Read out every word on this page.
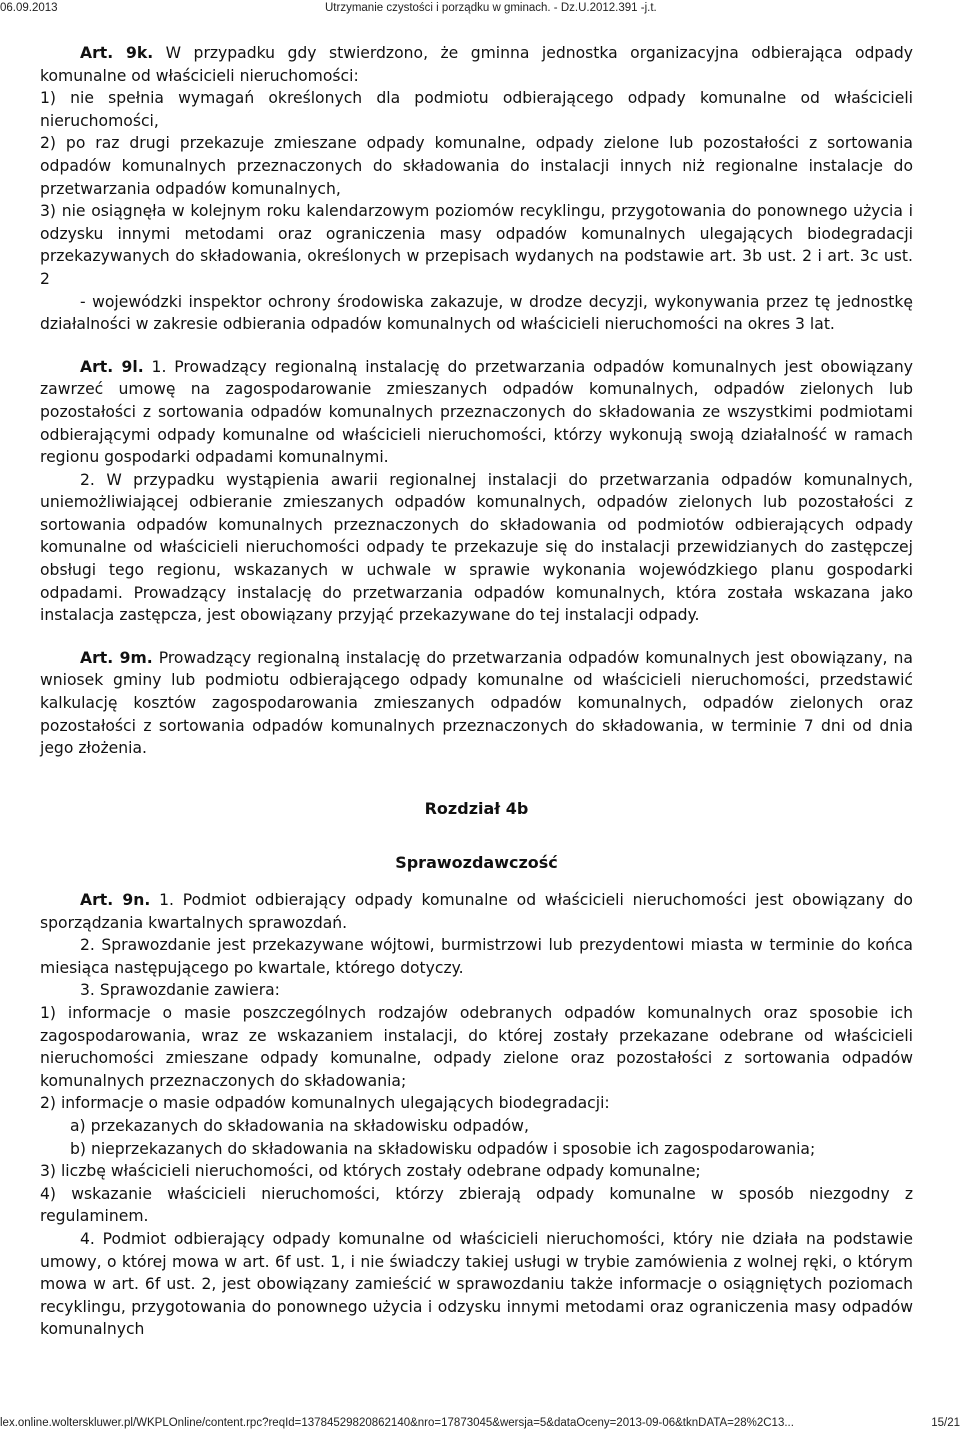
06.09.2013	Utrzymanie czystości i porządku w gminach. - Dz.U.2012.391 -j.t.

Art. 9k. W przypadku gdy stwierdzono, że gminna jednostka organizacyjna odbierająca odpady komunalne od właścicieli nieruchomości:

1) nie spełnia wymagań określonych dla podmiotu odbierającego odpady komunalne od właścicieli nieruchomości,

2) po raz drugi przekazuje zmieszane odpady komunalne, odpady zielone lub pozostałości z sortowania odpadów komunalnych przeznaczonych do składowania do instalacji innych niż regionalne instalacje do przetwarzania odpadów komunalnych,

3) nie osiągnęła w kolejnym roku kalendarzowym poziomów recyklingu, przygotowania do ponownego użycia i odzysku innymi metodami oraz ograniczenia masy odpadów komunalnych ulegających biodegradacji przekazywanych do składowania, określonych w przepisach wydanych na podstawie art. 3b ust. 2 i art. 3c ust. 2

- wojewódzki inspektor ochrony środowiska zakazuje, w drodze decyzji, wykonywania przez tę jednostkę działalności w zakresie odbierania odpadów komunalnych od właścicieli nieruchomości na okres 3 lat.

Art. 9l. 1. Prowadzący regionalną instalację do przetwarzania odpadów komunalnych jest obowiązany zawrzeć umowę na zagospodarowanie zmieszanych odpadów komunalnych, odpadów zielonych lub pozostałości z sortowania odpadów komunalnych przeznaczonych do składowania ze wszystkimi podmiotami odbierającymi odpady komunalne od właścicieli nieruchomości, którzy wykonują swoją działalność w ramach regionu gospodarki odpadami komunalnymi.

2. W przypadku wystąpienia awarii regionalnej instalacji do przetwarzania odpadów komunalnych, uniemożliwiającej odbieranie zmieszanych odpadów komunalnych, odpadów zielonych lub pozostałości z sortowania odpadów komunalnych przeznaczonych do składowania od podmiotów odbierających odpady komunalne od właścicieli nieruchomości odpady te przekazuje się do instalacji przewidzianych do zastępczej obsługi tego regionu, wskazanych w uchwale w sprawie wykonania wojewódzkiego planu gospodarki odpadami. Prowadzący instalację do przetwarzania odpadów komunalnych, która została wskazana jako instalacja zastępcza, jest obowiązany przyjąć przekazywane do tej instalacji odpady.

Art. 9m. Prowadzący regionalną instalację do przetwarzania odpadów komunalnych jest obowiązany, na wniosek gminy lub podmiotu odbierającego odpady komunalne od właścicieli nieruchomości, przedstawić kalkulację kosztów zagospodarowania zmieszanych odpadów komunalnych, odpadów zielonych oraz pozostałości z sortowania odpadów komunalnych przeznaczonych do składowania, w terminie 7 dni od dnia jego złożenia.

Rozdział 4b

Sprawozdawczość

Art. 9n. 1. Podmiot odbierający odpady komunalne od właścicieli nieruchomości jest obowiązany do sporządzania kwartalnych sprawozdań.

2. Sprawozdanie jest przekazywane wójtowi, burmistrzowi lub prezydentowi miasta w terminie do końca miesiąca następującego po kwartale, którego dotyczy.

3. Sprawozdanie zawiera:

1) informacje o masie poszczególnych rodzajów odebranych odpadów komunalnych oraz sposobie ich zagospodarowania, wraz ze wskazaniem instalacji, do której zostały przekazane odebrane od właścicieli nieruchomości zmieszane odpady komunalne, odpady zielone oraz pozostałości z sortowania odpadów komunalnych przeznaczonych do składowania;

2) informacje o masie odpadów komunalnych ulegających biodegradacji:

a) przekazanych do składowania na składowisku odpadów,

b) nieprzekazanych do składowania na składowisku odpadów i sposobie ich zagospodarowania;

3) liczbę właścicieli nieruchomości, od których zostały odebrane odpady komunalne;

4) wskazanie właścicieli nieruchomości, którzy zbierają odpady komunalne w sposób niezgodny z regulaminem.

4. Podmiot odbierający odpady komunalne od właścicieli nieruchomości, który nie działa na podstawie umowy, o której mowa w art. 6f ust. 1, i nie świadczy takiej usługi w trybie zamówienia z wolnej ręki, o którym mowa w art. 6f ust. 2, jest obowiązany zamieścić w sprawozdaniu także informacje o osiągniętych poziomach recyklingu, przygotowania do ponownego użycia i odzysku innymi metodami oraz ograniczenia masy odpadów komunalnych

lex.online.wolterskluwer.pl/WKPLOnline/content.rpc?reqId=1378452982086214​0&nro=17873045&wersja=5&dataOceny=2013-09-06&tknDATA=28%2C13...	15/21
